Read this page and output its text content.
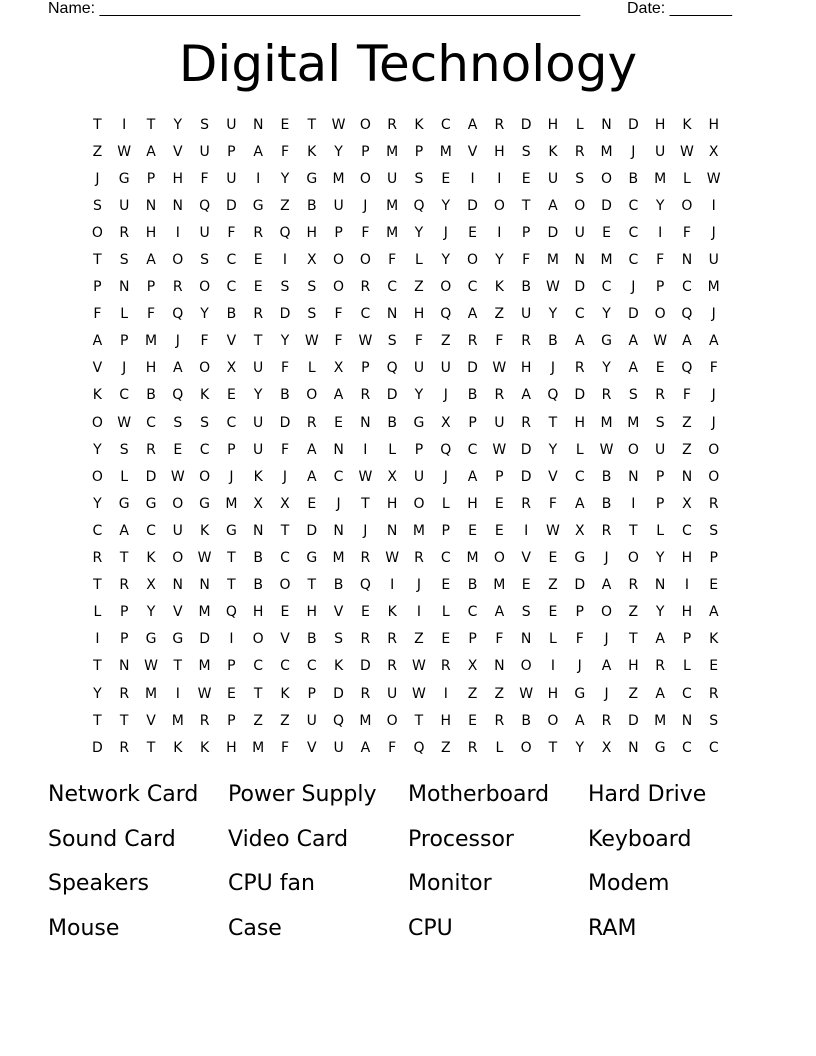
Name: ______________________________________________________	Date: _______
Digital Technology
T	I	T	Y	S	U	N	E	T	W	O	R	K	C	A	R	D	H	L	N	D	H	K	H
Z	W	A	V	U	P	A	F	K	Y	P	M	P	M	V	H	S	K	R	M	J	U	W	X
J	G	P	H	F	U	I	Y	G	M	O	U	S	E	I	I	E	U	S	O	B	M	L	W
S	U	N	N	Q	D	G	Z	B	U	J	M	Q	Y	D	O	T	A	O	D	C	Y	O	I
O	R	H	I	U	F	R	Q	H	P	F	M	Y	J	E	I	P	D	U	E	C	I	F	J
T	S	A	O	S	C	E	I	X	O	O	F	L	Y	O	Y	F	M	N	M	C	F	N	U
P	N	P	R	O	C	E	S	S	O	R	C	Z	O	C	K	B	W	D	C	J	P	C	M
F	L	F	Q	Y	B	R	D	S	F	C	N	H	Q	A	Z	U	Y	C	Y	D	O	Q	J
A	P	M	J	F	V	T	Y	W	F	W	S	F	Z	R	F	R	B	A	G	A	W	A	A
V	J	H	A	O	X	U	F	L	X	P	Q	U	U	D	W	H	J	R	Y	A	E	Q	F
K	C	B	Q	K	E	Y	B	O	A	R	D	Y	J	B	R	A	Q	D	R	S	R	F	J
O	W	C	S	S	C	U	D	R	E	N	B	G	X	P	U	R	T	H	M	M	S	Z	J
Y	S	R	E	C	P	U	F	A	N	I	L	P	Q	C	W	D	Y	L	W	O	U	Z	O
O	L	D	W	O	J	K	J	A	C	W	X	U	J	A	P	D	V	C	B	N	P	N	O
Y	G	G	O	G	M	X	X	E	J	T	H	O	L	H	E	R	F	A	B	I	P	X	R
C	A	C	U	K	G	N	T	D	N	J	N	M	P	E	E	I	W	X	R	T	L	C	S
R	T	K	O	W	T	B	C	G	M	R	W	R	C	M	O	V	E	G	J	O	Y	H	P
T	R	X	N	N	T	B	O	T	B	Q	I	J	E	B	M	E	Z	D	A	R	N	I	E
L	P	Y	V	M	Q	H	E	H	V	E	K	I	L	C	A	S	E	P	O	Z	Y	H	A
I	P	G	G	D	I	O	V	B	S	R	R	Z	E	P	F	N	L	F	J	T	A	P	K
T	N	W	T	M	P	C	C	C	K	D	R	W	R	X	N	O	I	J	A	H	R	L	E
Y	R	M	I	W	E	T	K	P	D	R	U	W	I	Z	Z	W	H	G	J	Z	A	C	R
T	T	V	M	R	P	Z	Z	U	Q	M	O	T	H	E	R	B	O	A	R	D	M	N	S
D	R	T	K	K	H	M	F	V	U	A	F	Q	Z	R	L	O	T	Y	X	N	G	C	C
Network Card	Power Supply	Motherboard	Hard Drive
Sound Card	Video Card	Processor	Keyboard
Speakers	CPU fan	Monitor	Modem
Mouse	Case	CPU	RAM
